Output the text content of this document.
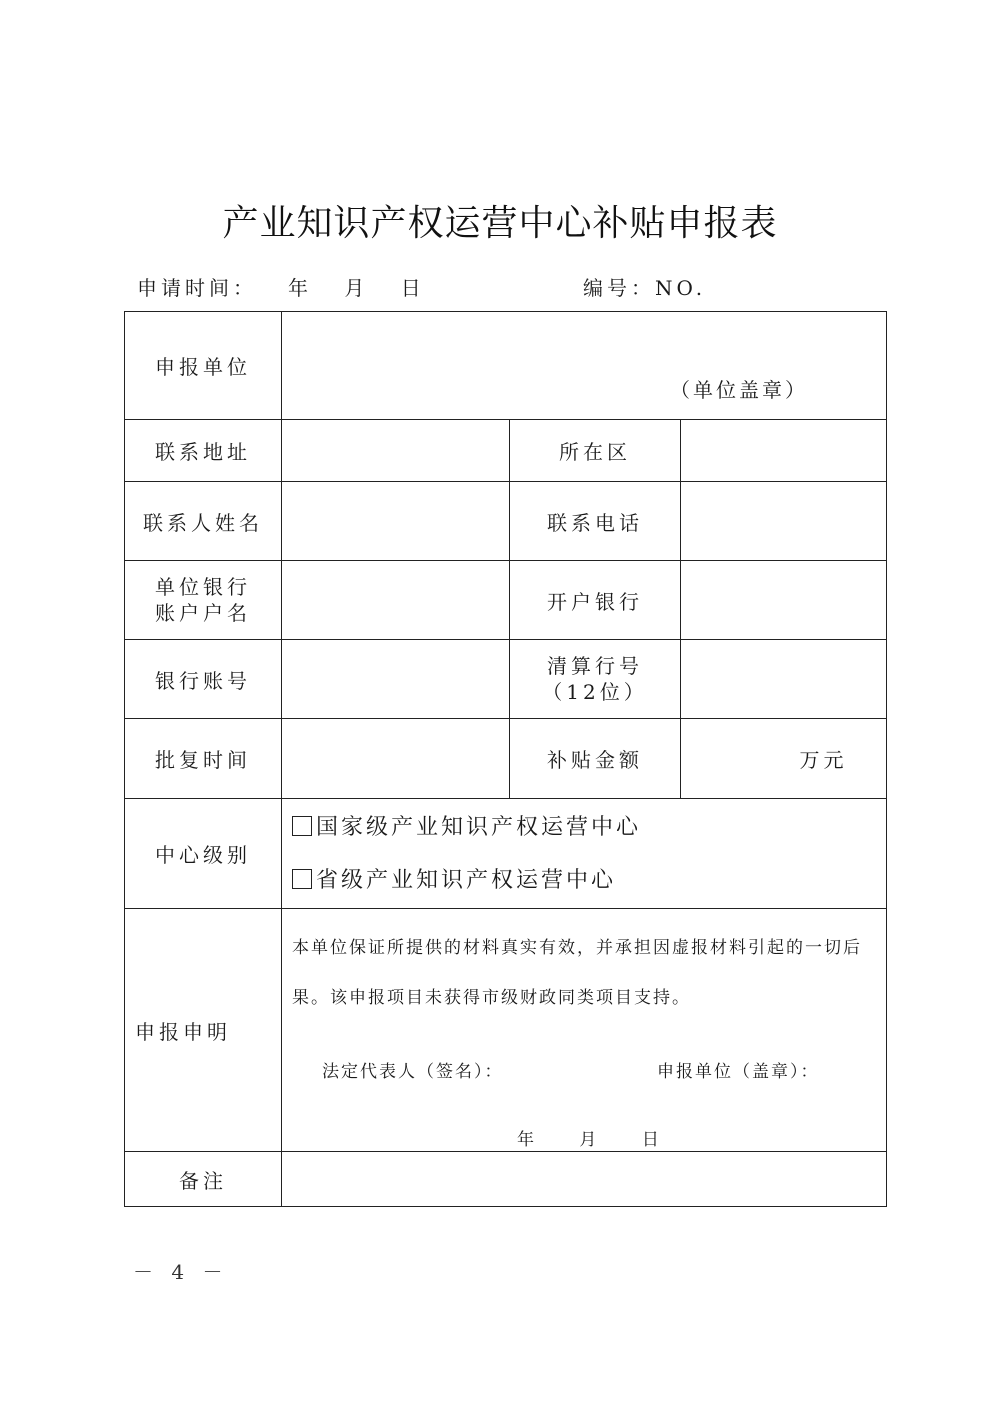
产业知识产权运营中心补贴申报表
申请时间： 年 月 日	编号：NO.
申报单位	（单位盖章）		

联系地址		所在区	
联系人姓名		联系电话	

单位银行
账户户名		开户银行	
银行账号		清算行号
（12位）	

批复时间		补贴金额	万元
中心级别	国家级产业知识产权运营中心
省级产业知识产权运营中心		

申报申明	本单位保证所提供的材料真实有效，并承担因虚报材料引起的一切后果。该申报项目未获得市级财政同类项目支持。
法定代表人（签名）： 申报单位（盖章）：
年 月 日		

备注			
－ 4 －
